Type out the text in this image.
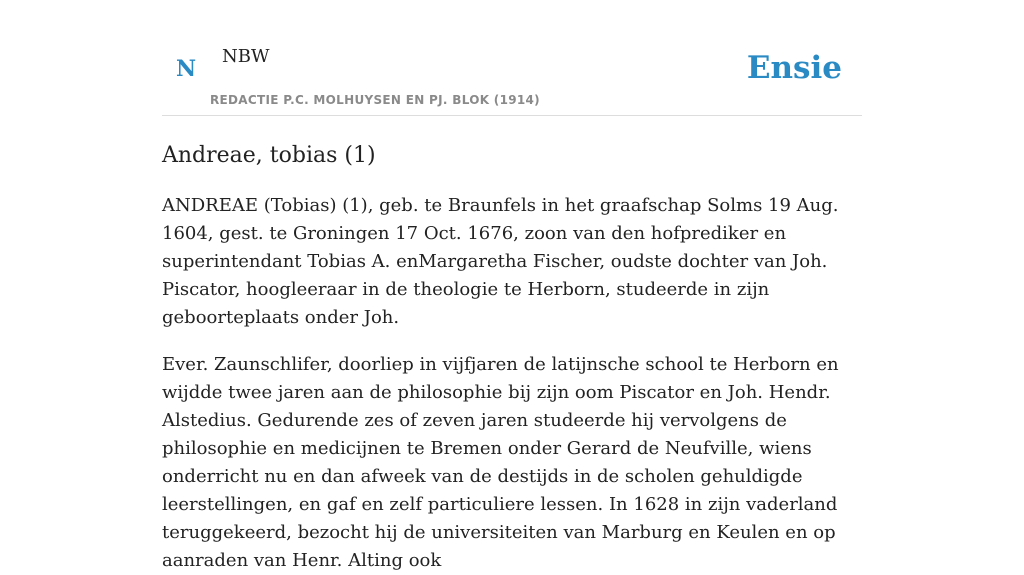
N NBW
REDACTIE P.C. MOLHUYSEN EN PJ. BLOK (1914)
Ensie
Andreae, tobias (1)

ANDREAE (Tobias) (1), geb. te Braunfels in het graafschap Solms 19 Aug. 1604, gest. te Groningen 17 Oct. 1676, zoon van den hofprediker en superintendant Tobias A. enMargaretha Fischer, oudste dochter van Joh. Piscator, hoogleeraar in de theologie te Herborn, studeerde in zijn geboorteplaats onder Joh.

Ever. Zaunschlifer, doorliep in vijfjaren de latijnsche school te Herborn en wijdde twee jaren aan de philosophie bij zijn oom Piscator en Joh. Hendr. Alstedius. Gedurende zes of zeven jaren studeerde hij vervolgens de philosophie en medicijnen te Bremen onder Gerard de Neufville, wiens onderricht nu en dan afweek van de destijds in de scholen gehuldigde leerstellingen, en gaf en zelf particuliere lessen. In 1628 in zijn vaderland teruggekeerd, bezocht hij de universiteiten van Marburg en Keulen en op aanraden van Henr. Alting ook
